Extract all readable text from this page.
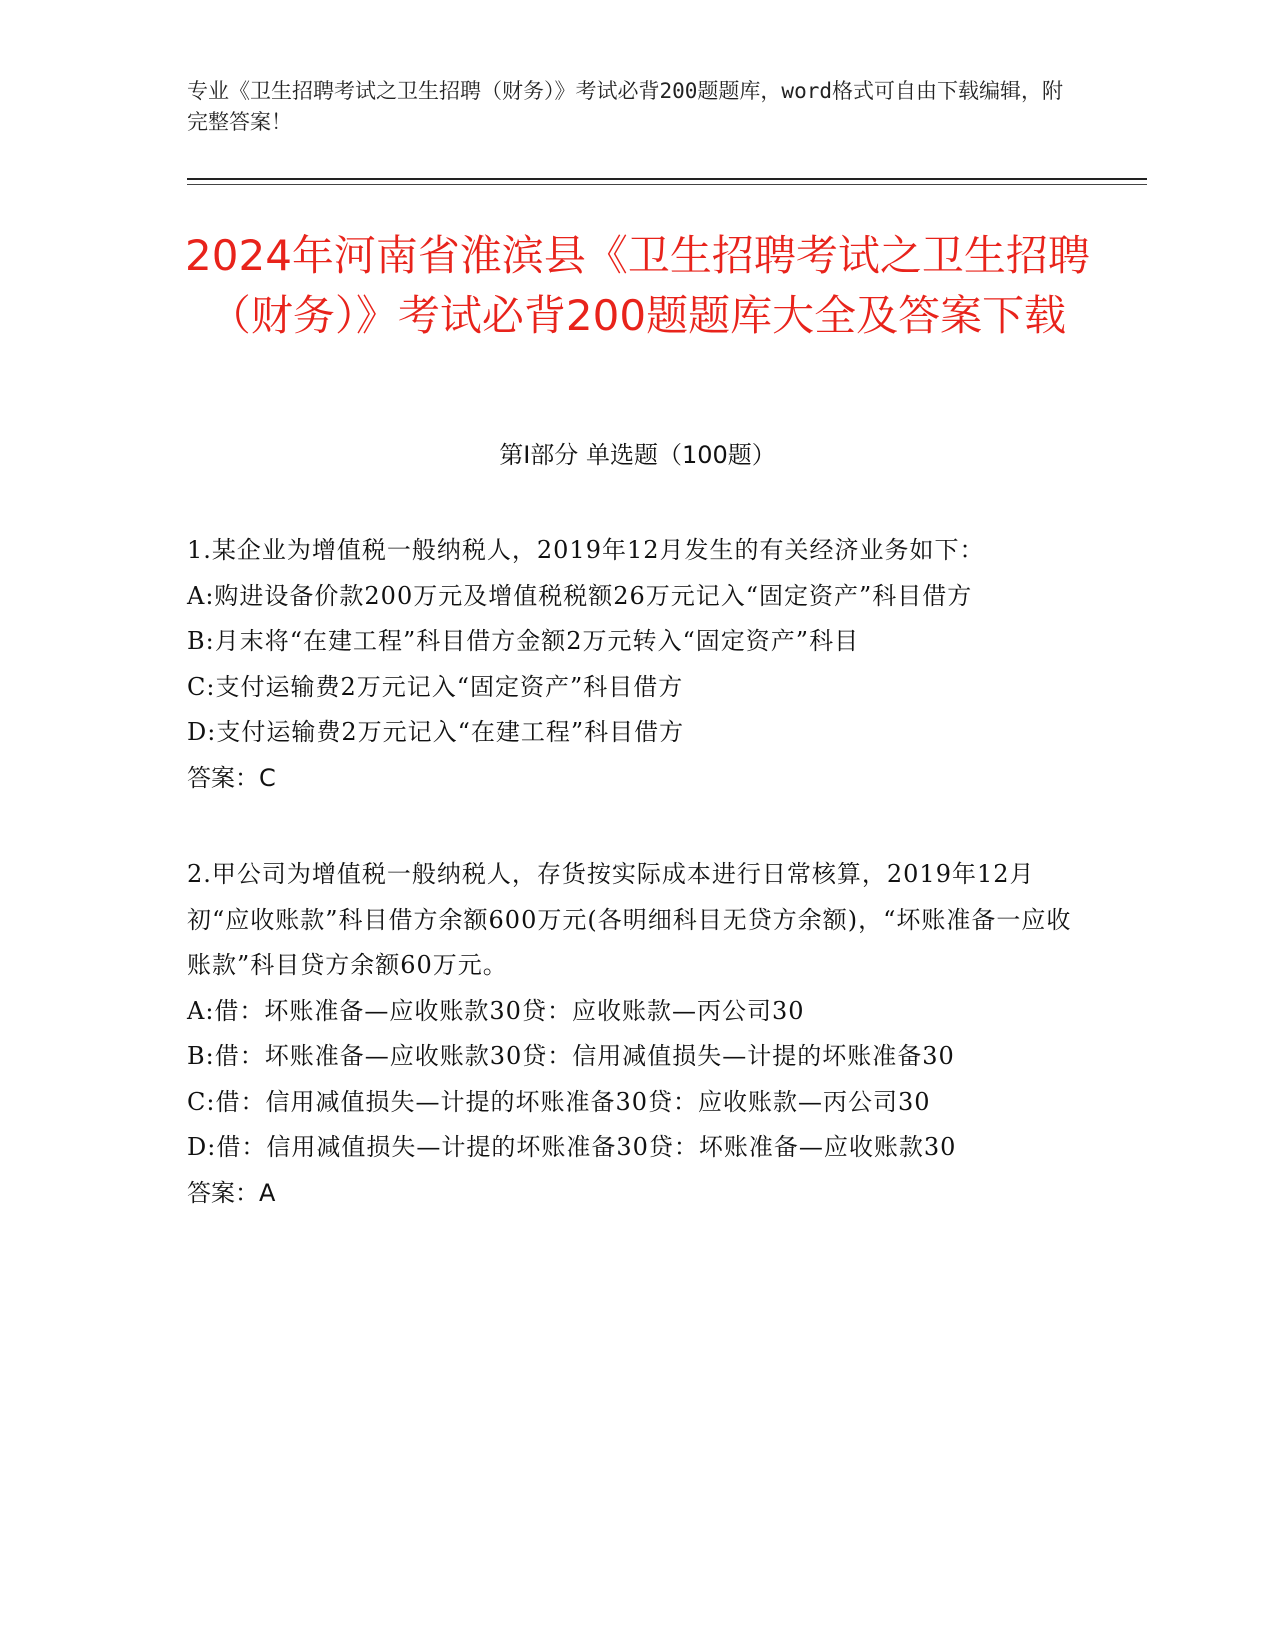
专业《卫生招聘考试之卫生招聘（财务）》考试必背200题题库，word格式可自由下载编辑，附完整答案！
2024年河南省淮滨县《卫生招聘考试之卫生招聘（财务）》考试必背200题题库大全及答案下载
第Ⅰ部分 单选题（100题）
1.某企业为增值税一般纳税人，2019年12月发生的有关经济业务如下：
A:购进设备价款200万元及增值税税额26万元记入“固定资产”科目借方
B:月末将“在建工程”科目借方金额2万元转入“固定资产”科目
C:支付运输费2万元记入“固定资产”科目借方
D:支付运输费2万元记入“在建工程”科目借方
答案：C
2.甲公司为增值税一般纳税人，存货按实际成本进行日常核算，2019年12月初“应收账款”科目借方余额600万元(各明细科目无贷方余额)，“坏账准备一应收账款”科目贷方余额60万元。
A:借：坏账准备—应收账款30贷：应收账款—丙公司30
B:借：坏账准备—应收账款30贷：信用减值损失—计提的坏账准备30
C:借：信用减值损失—计提的坏账准备30贷：应收账款—丙公司30
D:借：信用减值损失—计提的坏账准备30贷：坏账准备—应收账款30
答案：A
